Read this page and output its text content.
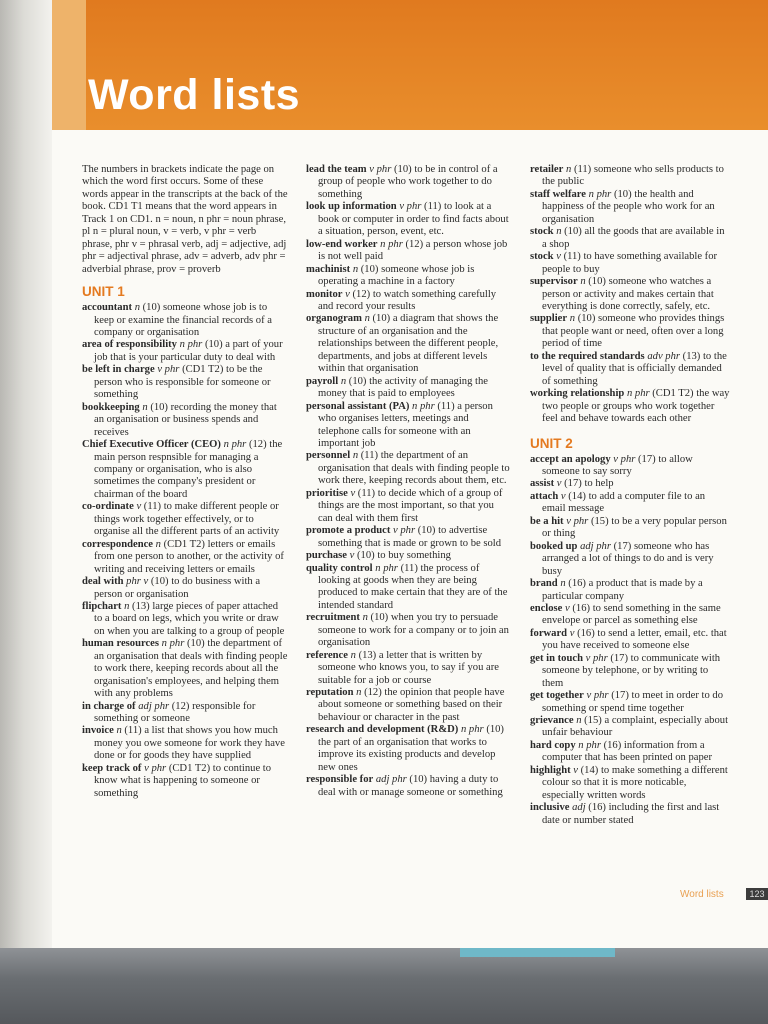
Word lists

The numbers in brackets indicate the page on which the word first occurs. Some of these words appear in the transcripts at the back of the book. CD1 T1 means that the word appears in Track 1 on CD1. n = noun, n phr = noun phrase, pl n = plural noun, v = verb, v phr = verb phrase, phr v = phrasal verb, adj = adjective, adj phr = adjectival phrase, adv = adverb, adv phr = adverbial phrase, prov = proverb

UNIT 1

accountant n (10) someone whose job is to keep or examine the financial records of a company or organisation

area of responsibility n phr (10) a part of your job that is your particular duty to deal with

be left in charge v phr (CD1 T2) to be the person who is responsible for someone or something

bookkeeping n (10) recording the money that an organisation or business spends and receives

Chief Executive Officer (CEO) n phr (12) the main person respnsible for managing a company or organisation, who is also sometimes the company's president or chairman of the board

co-ordinate v (11) to make different people or things work together effectively, or to organise all the different parts of an activity

correspondence n (CD1 T2) letters or emails from one person to another, or the activity of writing and receiving letters or emails

deal with phr v (10) to do business with a person or organisation

flipchart n (13) large pieces of paper attached to a board on legs, which you write or draw on when you are talking to a group of people

human resources n phr (10) the department of an organisation that deals with finding people to work there, keeping records about all the organisation's employees, and helping them with any problems

in charge of adj phr (12) responsible for something or someone

invoice n (11) a list that shows you how much money you owe someone for work they have done or for goods they have supplied

keep track of v phr (CD1 T2) to continue to know what is happening to someone or something

lead the team v phr (10) to be in control of a group of people who work together to do something

look up information v phr (11) to look at a book or computer in order to find facts about a situation, person, event, etc.

low-end worker n phr (12) a person whose job is not well paid

machinist n (10) someone whose job is operating a machine in a factory

monitor v (12) to watch something carefully and record your results

organogram n (10) a diagram that shows the structure of an organisation and the relationships between the different people, departments, and jobs at different levels within that organisation

payroll n (10) the activity of managing the money that is paid to employees

personal assistant (PA) n phr (11) a person who organises letters, meetings and telephone calls for someone with an important job

personnel n (11) the department of an organisation that deals with finding people to work there, keeping records about them, etc.

prioritise v (11) to decide which of a group of things are the most important, so that you can deal with them first

promote a product v phr (10) to advertise something that is made or grown to be sold

purchase v (10) to buy something

quality control n phr (11) the process of looking at goods when they are being produced to make certain that they are of the intended standard

recruitment n (10) when you try to persuade someone to work for a company or to join an organisation

reference n (13) a letter that is written by someone who knows you, to say if you are suitable for a job or course

reputation n (12) the opinion that people have about someone or something based on their behaviour or character in the past

research and development (R&D) n phr (10) the part of an organisation that works to improve its existing products and develop new ones

responsible for adj phr (10) having a duty to deal with or manage someone or something

retailer n (11) someone who sells products to the public

staff welfare n phr (10) the health and happiness of the people who work for an organisation

stock n (10) all the goods that are available in a shop

stock v (11) to have something available for people to buy

supervisor n (10) someone who watches a person or activity and makes certain that everything is done correctly, safely, etc.

supplier n (10) someone who provides things that people want or need, often over a long period of time

to the required standards adv phr (13) to the level of quality that is officially demanded of something

working relationship n phr (CD1 T2) the way two people or groups who work together feel and behave towards each other

UNIT 2

accept an apology v phr (17) to allow someone to say sorry

assist v (17) to help

attach v (14) to add a computer file to an email message

be a hit v phr (15) to be a very popular person or thing

booked up adj phr (17) someone who has arranged a lot of things to do and is very busy

brand n (16) a product that is made by a particular company

enclose v (16) to send something in the same envelope or parcel as something else

forward v (16) to send a letter, email, etc. that you have received to someone else

get in touch v phr (17) to communicate with someone by telephone, or by writing to them

get together v phr (17) to meet in order to do something or spend time together

grievance n (15) a complaint, especially about unfair behaviour

hard copy n phr (16) information from a computer that has been printed on paper

highlight v (14) to make something a different colour so that it is more noticable, especially written words

inclusive adj (16) including the first and last date or number stated

Word lists	123
